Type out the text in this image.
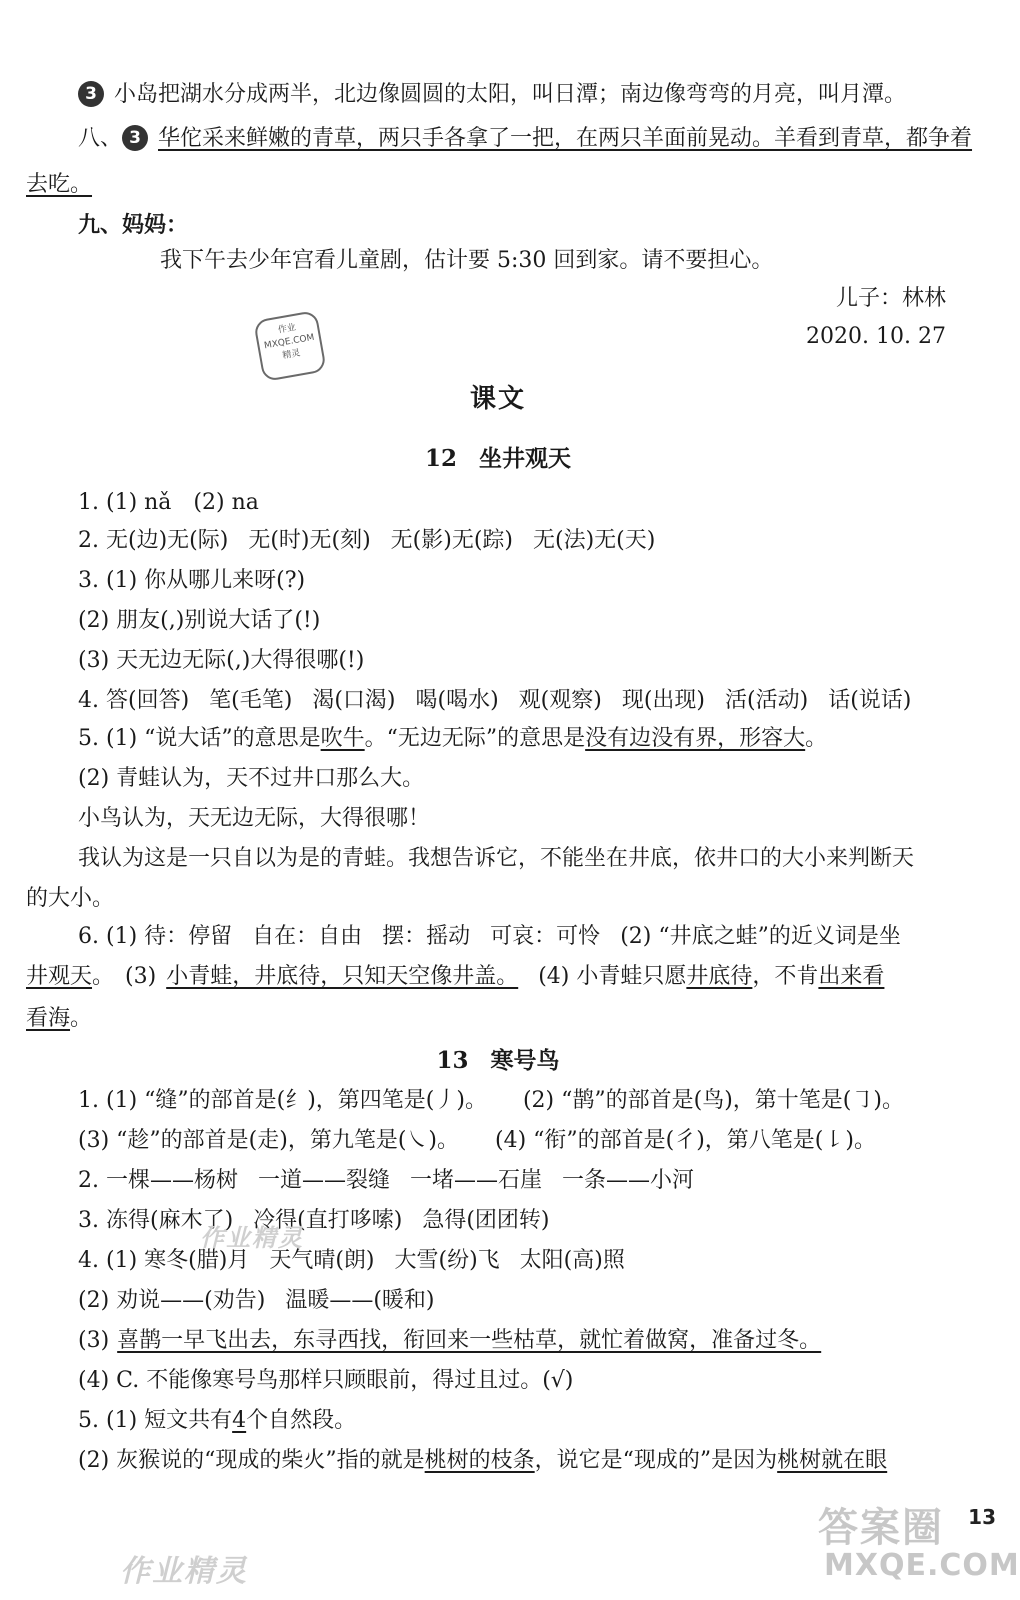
3 小岛把湖水分成两半，北边像圆圆的太阳，叫日潭；南边像弯弯的月亮，叫月潭。
八、 3 华佗采来鲜嫩的青草，两只手各拿了一把，在两只羊面前晃动。羊看到青草，都争着
去吃。
九、妈妈：
我下午去少年宫看儿童剧，估计要 5:30 回到家。请不要担心。
儿子：林林
2020. 10. 27
作业
MXQE.COM
精灵
课文
12 坐井观天
1. (1) nǎ　(2) na
2. 无(边)无(际) 无(时)无(刻) 无(影)无(踪) 无(法)无(天)
3. (1) 你从哪儿来呀(?)
(2) 朋友(,)别说大话了(!)
(3) 天无边无际(,)大得很哪(!)
4. 答(回答) 笔(毛笔) 渴(口渴) 喝(喝水) 观(观察) 现(出现) 活(活动) 话(说话)
5. (1) “说大话”的意思是吹牛。“无边无际”的意思是没有边没有界，形容大。
(2) 青蛙认为，天不过井口那么大。
小鸟认为，天无边无际，大得很哪！
我认为这是一只自以为是的青蛙。我想告诉它，不能坐在井底，依井口的大小来判断天
的大小。
6. (1) 待：停留 自在：自由 摆：摇动 可哀：可怜 (2) “井底之蛙”的近义词是坐
井观天。　(3) 小青蛙，井底待，只知天空像井盖。 (4) 小青蛙只愿井底待，不肯出来看
看海。
13 寒号鸟
1. (1) “缝”的部首是(纟)，第四笔是(丿)。 (2) “鹊”的部首是(鸟)，第十笔是(㇆)。
(3) “趁”的部首是(走)，第九笔是(㇏)。 (4) “衔”的部首是(彳)，第八笔是(㇙)。
2. 一棵——杨树 一道——裂缝 一堵——石崖 一条——小河
3. 冻得(麻木了) 冷得(直打哆嗦) 急得(团团转)
4. (1) 寒冬(腊)月 天气晴(朗) 大雪(纷)飞 太阳(高)照
(2) 劝说——(劝告) 温暖——(暖和)
(3) 喜鹊一早飞出去，东寻西找，衔回来一些枯草，就忙着做窝，准备过冬。
(4) C. 不能像寒号鸟那样只顾眼前，得过且过。(√)
5. (1) 短文共有4个自然段。
(2) 灰猴说的“现成的柴火”指的就是桃树的枝条，说它是“现成的”是因为桃树就在眼
作业精灵
作业精灵
答案圈
MXQE.COM
13
